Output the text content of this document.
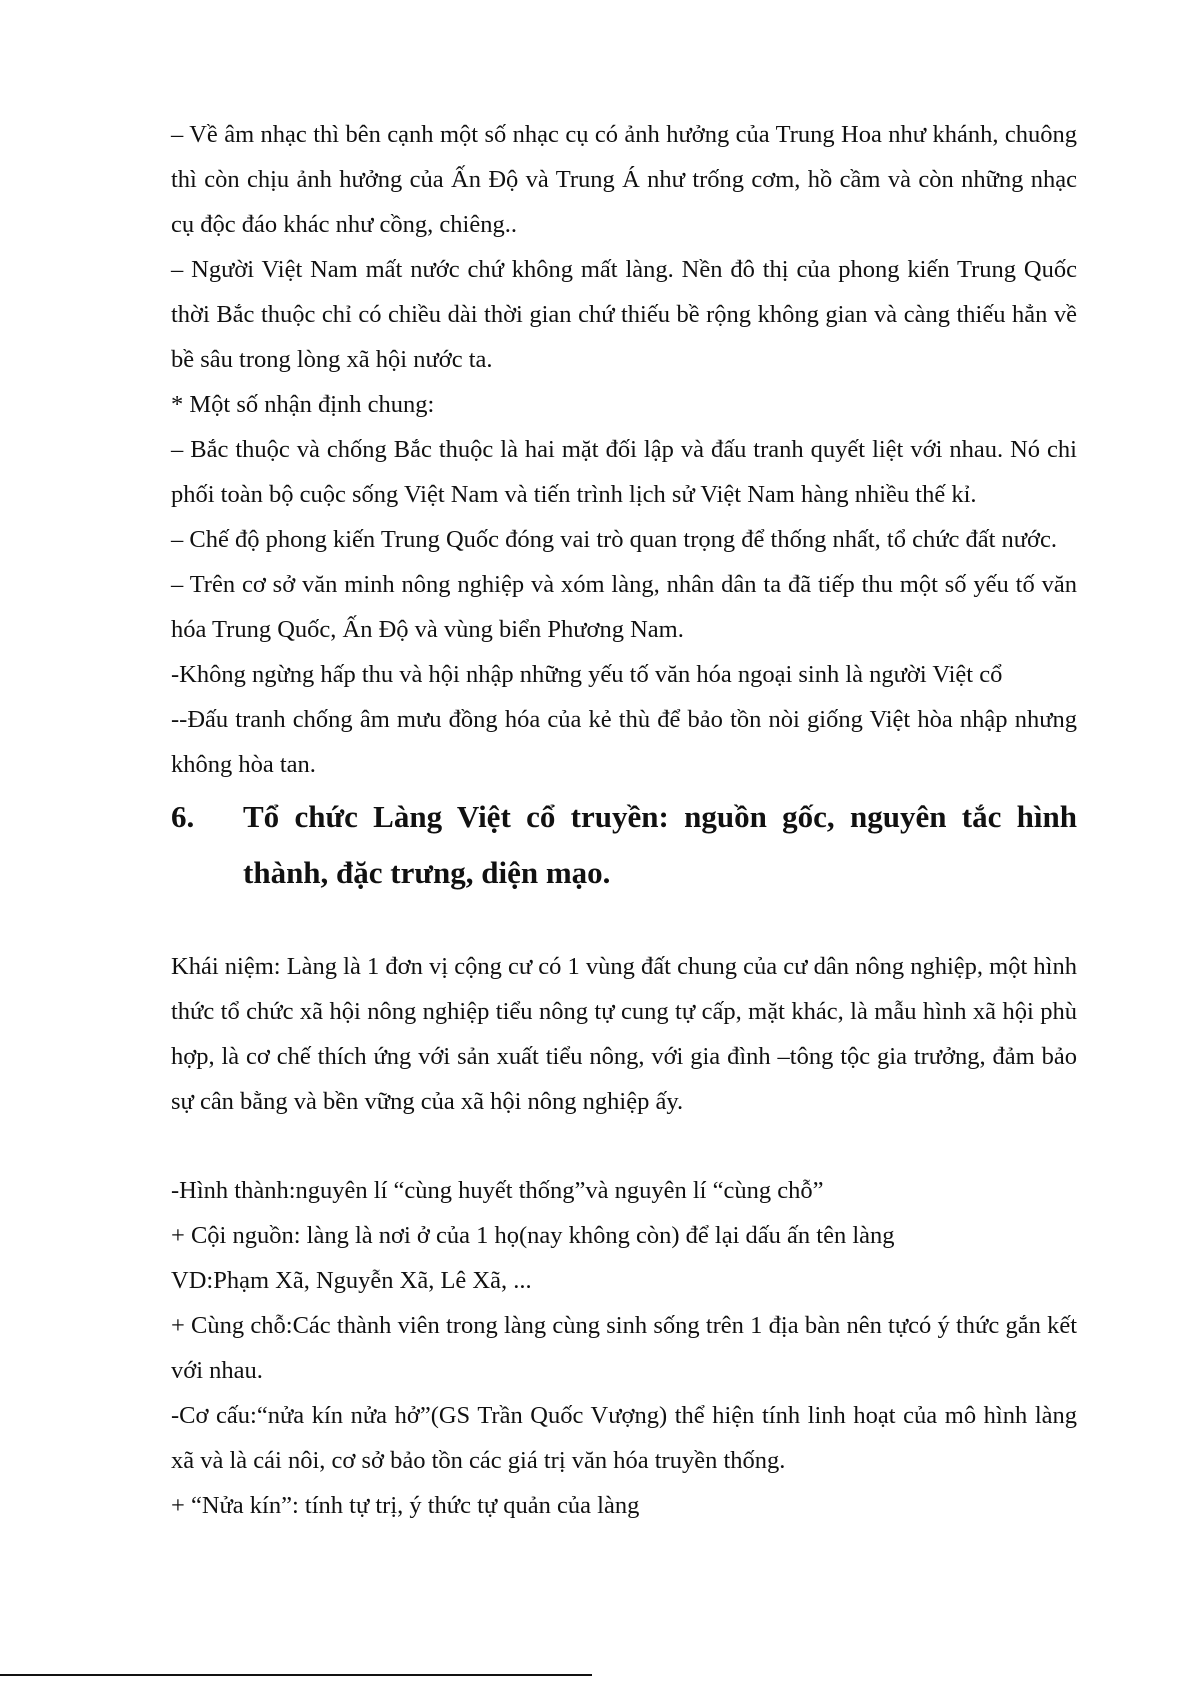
– Về âm nhạc thì bên cạnh một số nhạc cụ có ảnh hưởng của Trung Hoa như khánh, chuông thì còn chịu ảnh hưởng của Ấn Độ và Trung Á như trống cơm, hồ cầm và còn những nhạc cụ độc đáo khác như cồng, chiêng..

– Người Việt Nam mất nước chứ không mất làng. Nền đô thị của phong kiến Trung Quốc thời Bắc thuộc chỉ có chiều dài thời gian chứ thiếu bề rộng không gian và càng thiếu hẳn về bề sâu trong lòng xã hội nước ta.

* Một số nhận định chung:

– Bắc thuộc và chống Bắc thuộc là hai mặt đối lập và đấu tranh quyết liệt với nhau. Nó chi phối toàn bộ cuộc sống Việt Nam và tiến trình lịch sử Việt Nam hàng nhiều thế kỉ.

– Chế độ phong kiến Trung Quốc đóng vai trò quan trọng để thống nhất, tổ chức đất nước.

– Trên cơ sở văn minh nông nghiệp và xóm làng, nhân dân ta đã tiếp thu một số yếu tố văn hóa Trung Quốc, Ấn Độ và vùng biển Phương Nam.

-Không ngừng hấp thu và hội nhập những yếu tố văn hóa ngoại sinh là người Việt cổ

--Đấu tranh chống âm mưu đồng hóa của kẻ thù để bảo tồn nòi giống Việt hòa nhập nhưng không hòa tan.

6.	Tổ chức Làng Việt cổ truyền: nguồn gốc, nguyên tắc hình thành, đặc trưng, diện mạo.

Khái niệm: Làng là 1 đơn vị cộng cư có 1 vùng đất chung của cư dân nông nghiệp, một hình thức tổ chức xã hội nông nghiệp tiểu nông tự cung tự cấp, mặt khác, là mẫu hình xã hội phù hợp, là cơ chế thích ứng với sản xuất tiểu nông, với gia đình –tông tộc gia trưởng, đảm bảo sự cân bằng và bền vững của xã hội nông nghiệp ấy.

-Hình thành:nguyên lí “cùng huyết thống”và nguyên lí “cùng chỗ”

+ Cội nguồn: làng là nơi ở của 1 họ(nay không còn) để lại dấu ấn tên làng

VD:Phạm Xã, Nguyễn Xã, Lê Xã, ...

+ Cùng chỗ:Các thành viên trong làng cùng sinh sống trên 1 địa bàn nên tựcó ý thức gắn kết với nhau.

-Cơ cấu:“nửa kín nửa hở”(GS Trần Quốc Vượng) thể hiện tính linh hoạt của mô hình làng xã và là cái nôi, cơ sở bảo tồn các giá trị văn hóa truyền thống.

+ “Nửa kín”: tính tự trị, ý thức tự quản của làng
